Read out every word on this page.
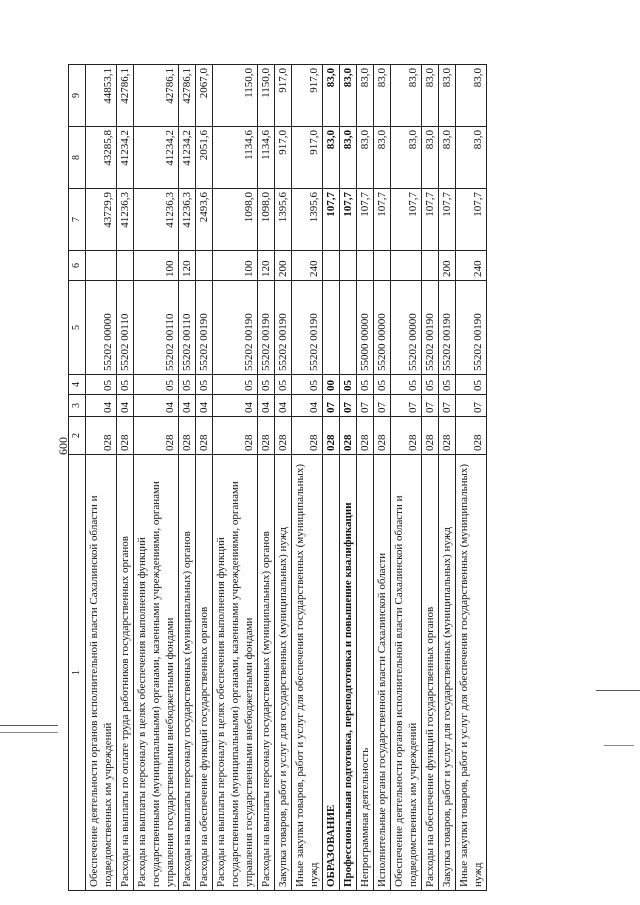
600
1	2	3	4	5	6	7	8	9
Обеспечение деятельности органов исполнительной власти Сахалинской области и подведомственных им учреждений	028	04	05	55202 00000		43729,9	43285,8	44853,1
Расходы на выплаты по оплате труда работников государственных органов	028	04	05	55202 00110		41236,3	41234,2	42786,1
Расходы на выплаты персоналу в целях обеспечения выполнения функций государственными (муниципальными) органами, казенными учреждениями, органами управления государственными внебюджетными фондами	028	04	05	55202 00110	100	41236,3	41234,2	42786,1
Расходы на выплаты персоналу государственных (муниципальных) органов	028	04	05	55202 00110	120	41236,3	41234,2	42786,1
Расходы на обеспечение функций государственных органов	028	04	05	55202 00190		2493,6	2051,6	2067,0
Расходы на выплаты персоналу в целях обеспечения выполнения функций государственными (муниципальными) органами, казенными учреждениями, органами управления государственными внебюджетными фондами	028	04	05	55202 00190	100	1098,0	1134,6	1150,0
Расходы на выплаты персоналу государственных (муниципальных) органов	028	04	05	55202 00190	120	1098,0	1134,6	1150,0
Закупка товаров, работ и услуг для государственных (муниципальных) нужд	028	04	05	55202 00190	200	1395,6	917,0	917,0
Иные закупки товаров, работ и услуг для обеспечения государственных (муниципальных) нужд	028	04	05	55202 00190	240	1395,6	917,0	917,0
ОБРАЗОВАНИЕ	028	07	00			107,7	83,0	83,0
Профессиональная подготовка, переподготовка и повышение квалификации	028	07	05			107,7	83,0	83,0
Непрограммная деятельность	028	07	05	55000 00000		107,7	83,0	83,0
Исполнительные органы государственной власти Сахалинской области	028	07	05	55200 00000		107,7	83,0	83,0
Обеспечение деятельности органов исполнительной власти Сахалинской области и подведомственных им учреждений	028	07	05	55202 00000		107,7	83,0	83,0
Расходы на обеспечение функций государственных органов	028	07	05	55202 00190		107,7	83,0	83,0
Закупка товаров, работ и услуг для государственных (муниципальных) нужд	028	07	05	55202 00190	200	107,7	83,0	83,0
Иные закупки товаров, работ и услуг для обеспечения государственных (муниципальных) нужд	028	07	05	55202 00190	240	107,7	83,0	83,0
